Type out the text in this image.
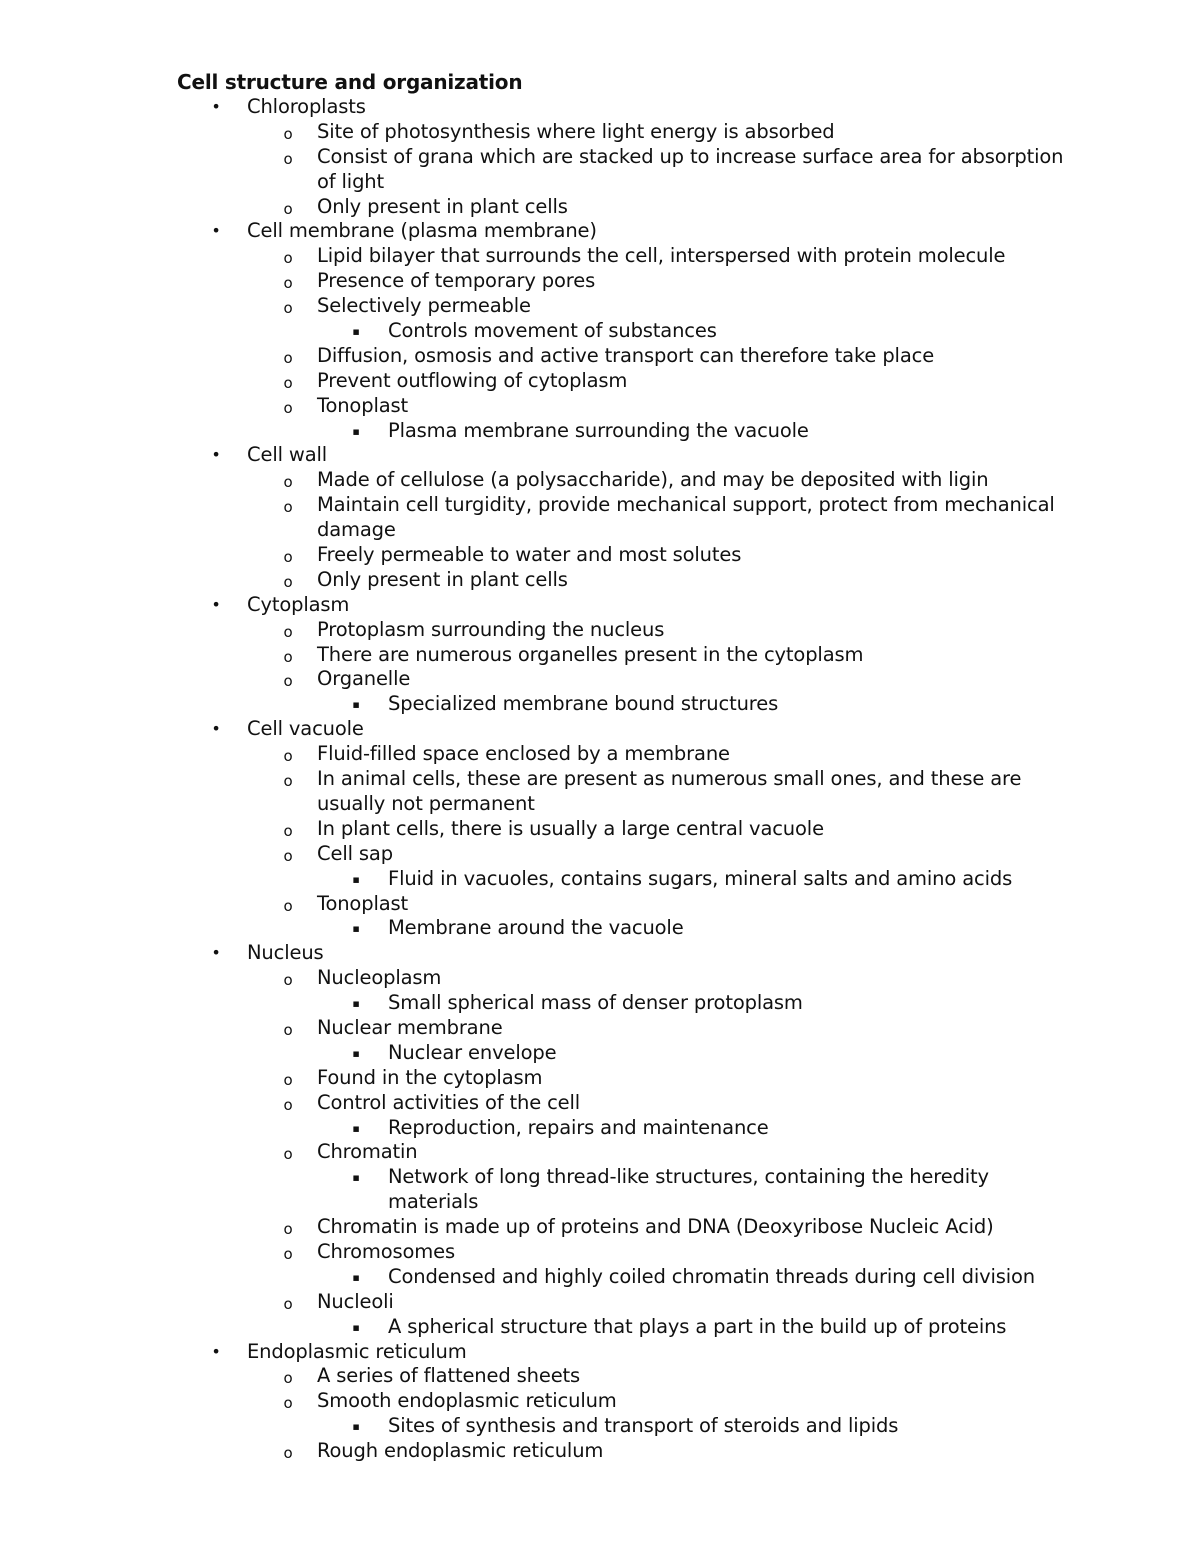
Cell structure and organization
• Chloroplasts
o Site of photosynthesis where light energy is absorbed
o Consist of grana which are stacked up to increase surface area for absorption
of light
o Only present in plant cells
• Cell membrane (plasma membrane)
o Lipid bilayer that surrounds the cell, interspersed with protein molecule
o Presence of temporary pores
o Selectively permeable
▪	Controls movement of substances
o Diffusion, osmosis and active transport can therefore take place
o Prevent outflowing of cytoplasm
o Tonoplast
▪	Plasma membrane surrounding the vacuole
• Cell wall
o Made of cellulose (a polysaccharide), and may be deposited with ligin
o Maintain cell turgidity, provide mechanical support, protect from mechanical
damage
o Freely permeable to water and most solutes
o Only present in plant cells
• Cytoplasm
o Protoplasm surrounding the nucleus
o There are numerous organelles present in the cytoplasm
o Organelle
▪	Specialized membrane bound structures
• Cell vacuole
o Fluid-filled space enclosed by a membrane
o In animal cells, these are present as numerous small ones, and these are
usually not permanent
o In plant cells, there is usually a large central vacuole
o Cell sap
▪	Fluid in vacuoles, contains sugars, mineral salts and amino acids
o Tonoplast
▪	Membrane around the vacuole
• Nucleus
o Nucleoplasm
▪	Small spherical mass of denser protoplasm
o Nuclear membrane
▪	Nuclear envelope
o Found in the cytoplasm
o Control activities of the cell
▪	Reproduction, repairs and maintenance
o Chromatin
▪	Network of long thread-like structures, containing the heredity
materials
o Chromatin is made up of proteins and DNA (Deoxyribose Nucleic Acid)
o Chromosomes
▪	Condensed and highly coiled chromatin threads during cell division
o Nucleoli
▪	A spherical structure that plays a part in the build up of proteins
• Endoplasmic reticulum
o A series of flattened sheets
o Smooth endoplasmic reticulum
▪	Sites of synthesis and transport of steroids and lipids
o Rough endoplasmic reticulum
